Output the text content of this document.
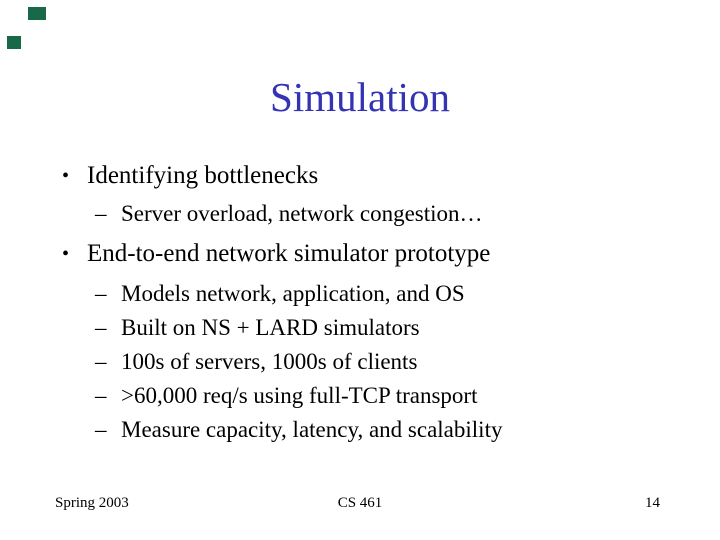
Simulation
• Identifying bottlenecks
– Server overload, network congestion…
• End-to-end network simulator prototype
– Models network, application, and OS
– Built on NS + LARD simulators
– 100s of servers, 1000s of clients
– >60,000 req/s using full-TCP transport
– Measure capacity, latency, and scalability
Spring 2003	CS 461	14
